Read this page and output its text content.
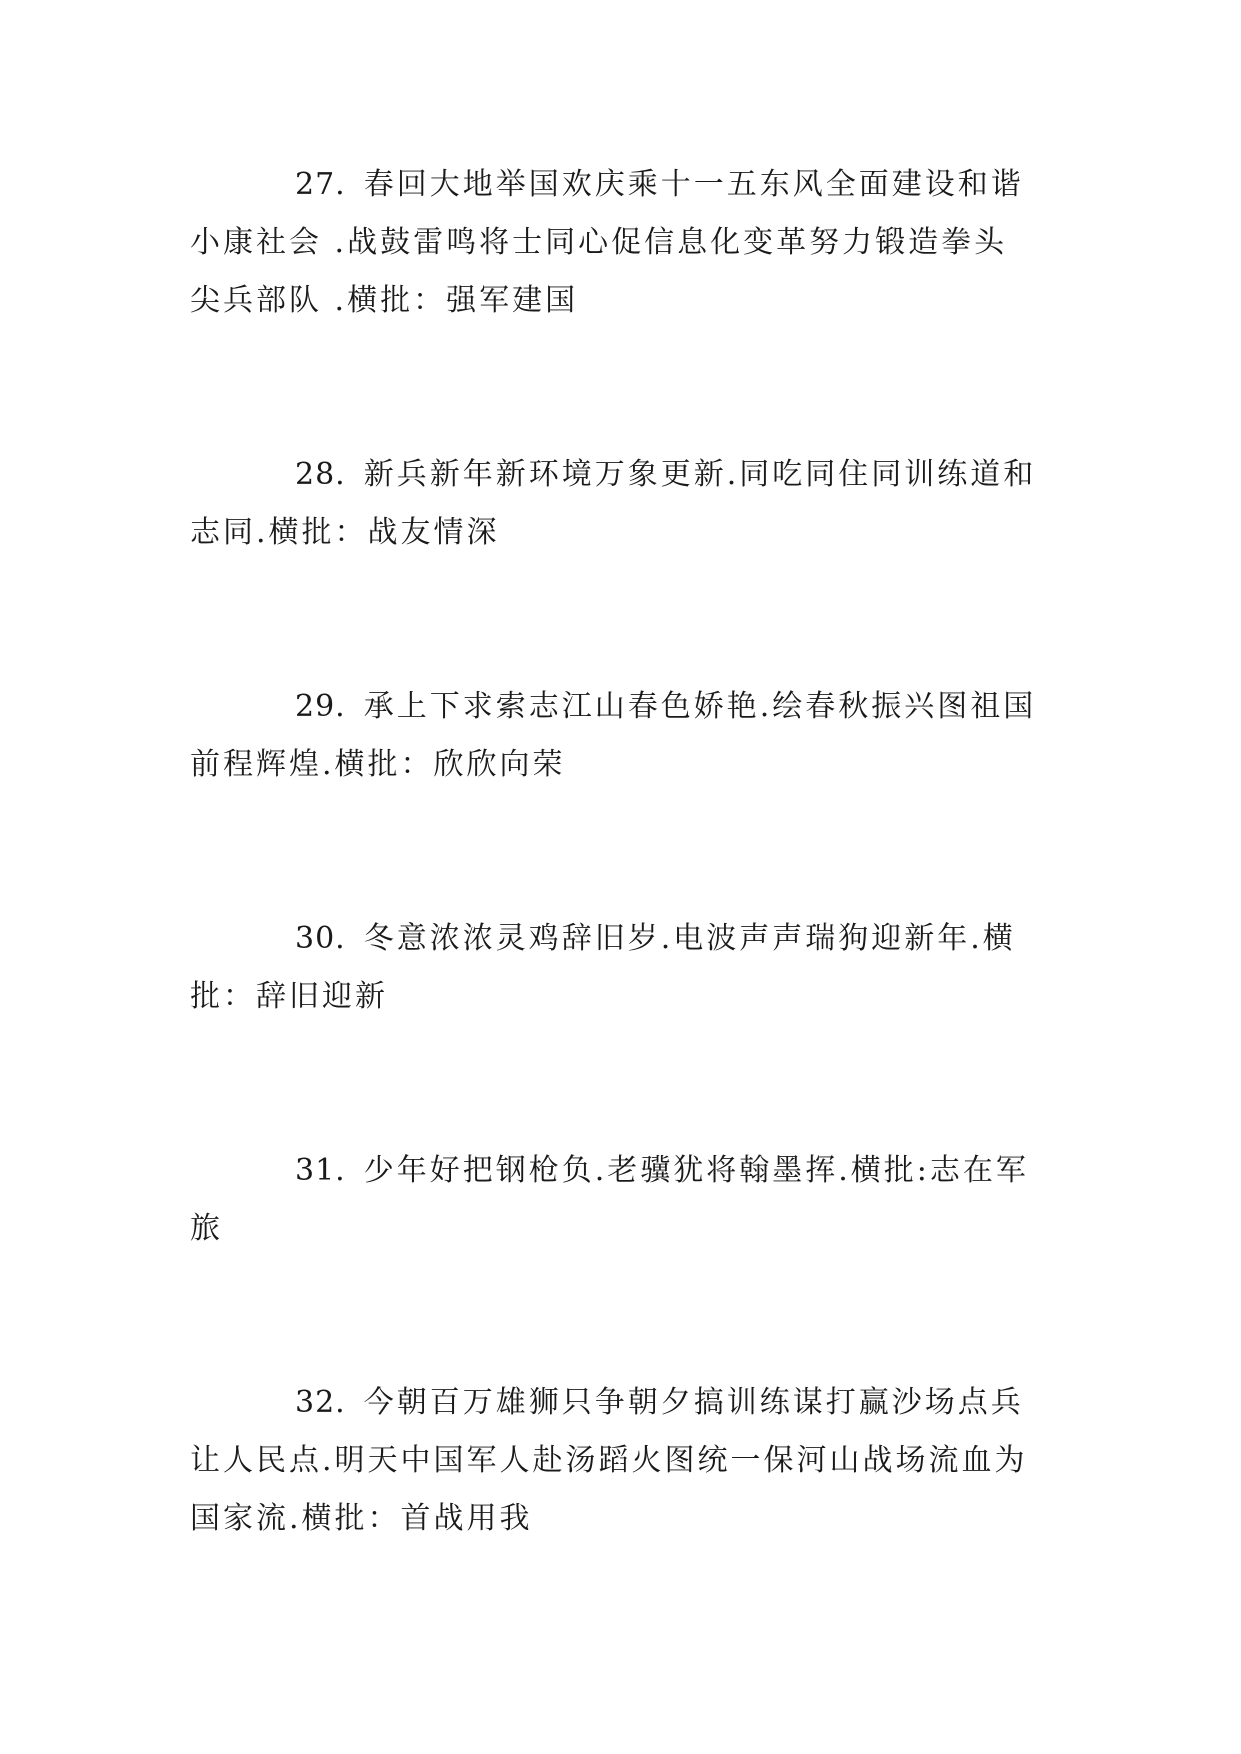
27. 春回大地举国欢庆乘十一五东风全面建设和谐
小康社会 .战鼓雷鸣将士同心促信息化变革努力锻造拳头
尖兵部队 .横批：强军建国
28. 新兵新年新环境万象更新.同吃同住同训练道和
志同.横批：战友情深
29. 承上下求索志江山春色娇艳.绘春秋振兴图祖国
前程辉煌.横批：欣欣向荣
30. 冬意浓浓灵鸡辞旧岁.电波声声瑞狗迎新年.横
批：辞旧迎新
31. 少年好把钢枪负.老骥犹将翰墨挥.横批:志在军
旅
32. 今朝百万雄狮只争朝夕搞训练谋打赢沙场点兵
让人民点.明天中国军人赴汤蹈火图统一保河山战场流血为
国家流.横批：首战用我
